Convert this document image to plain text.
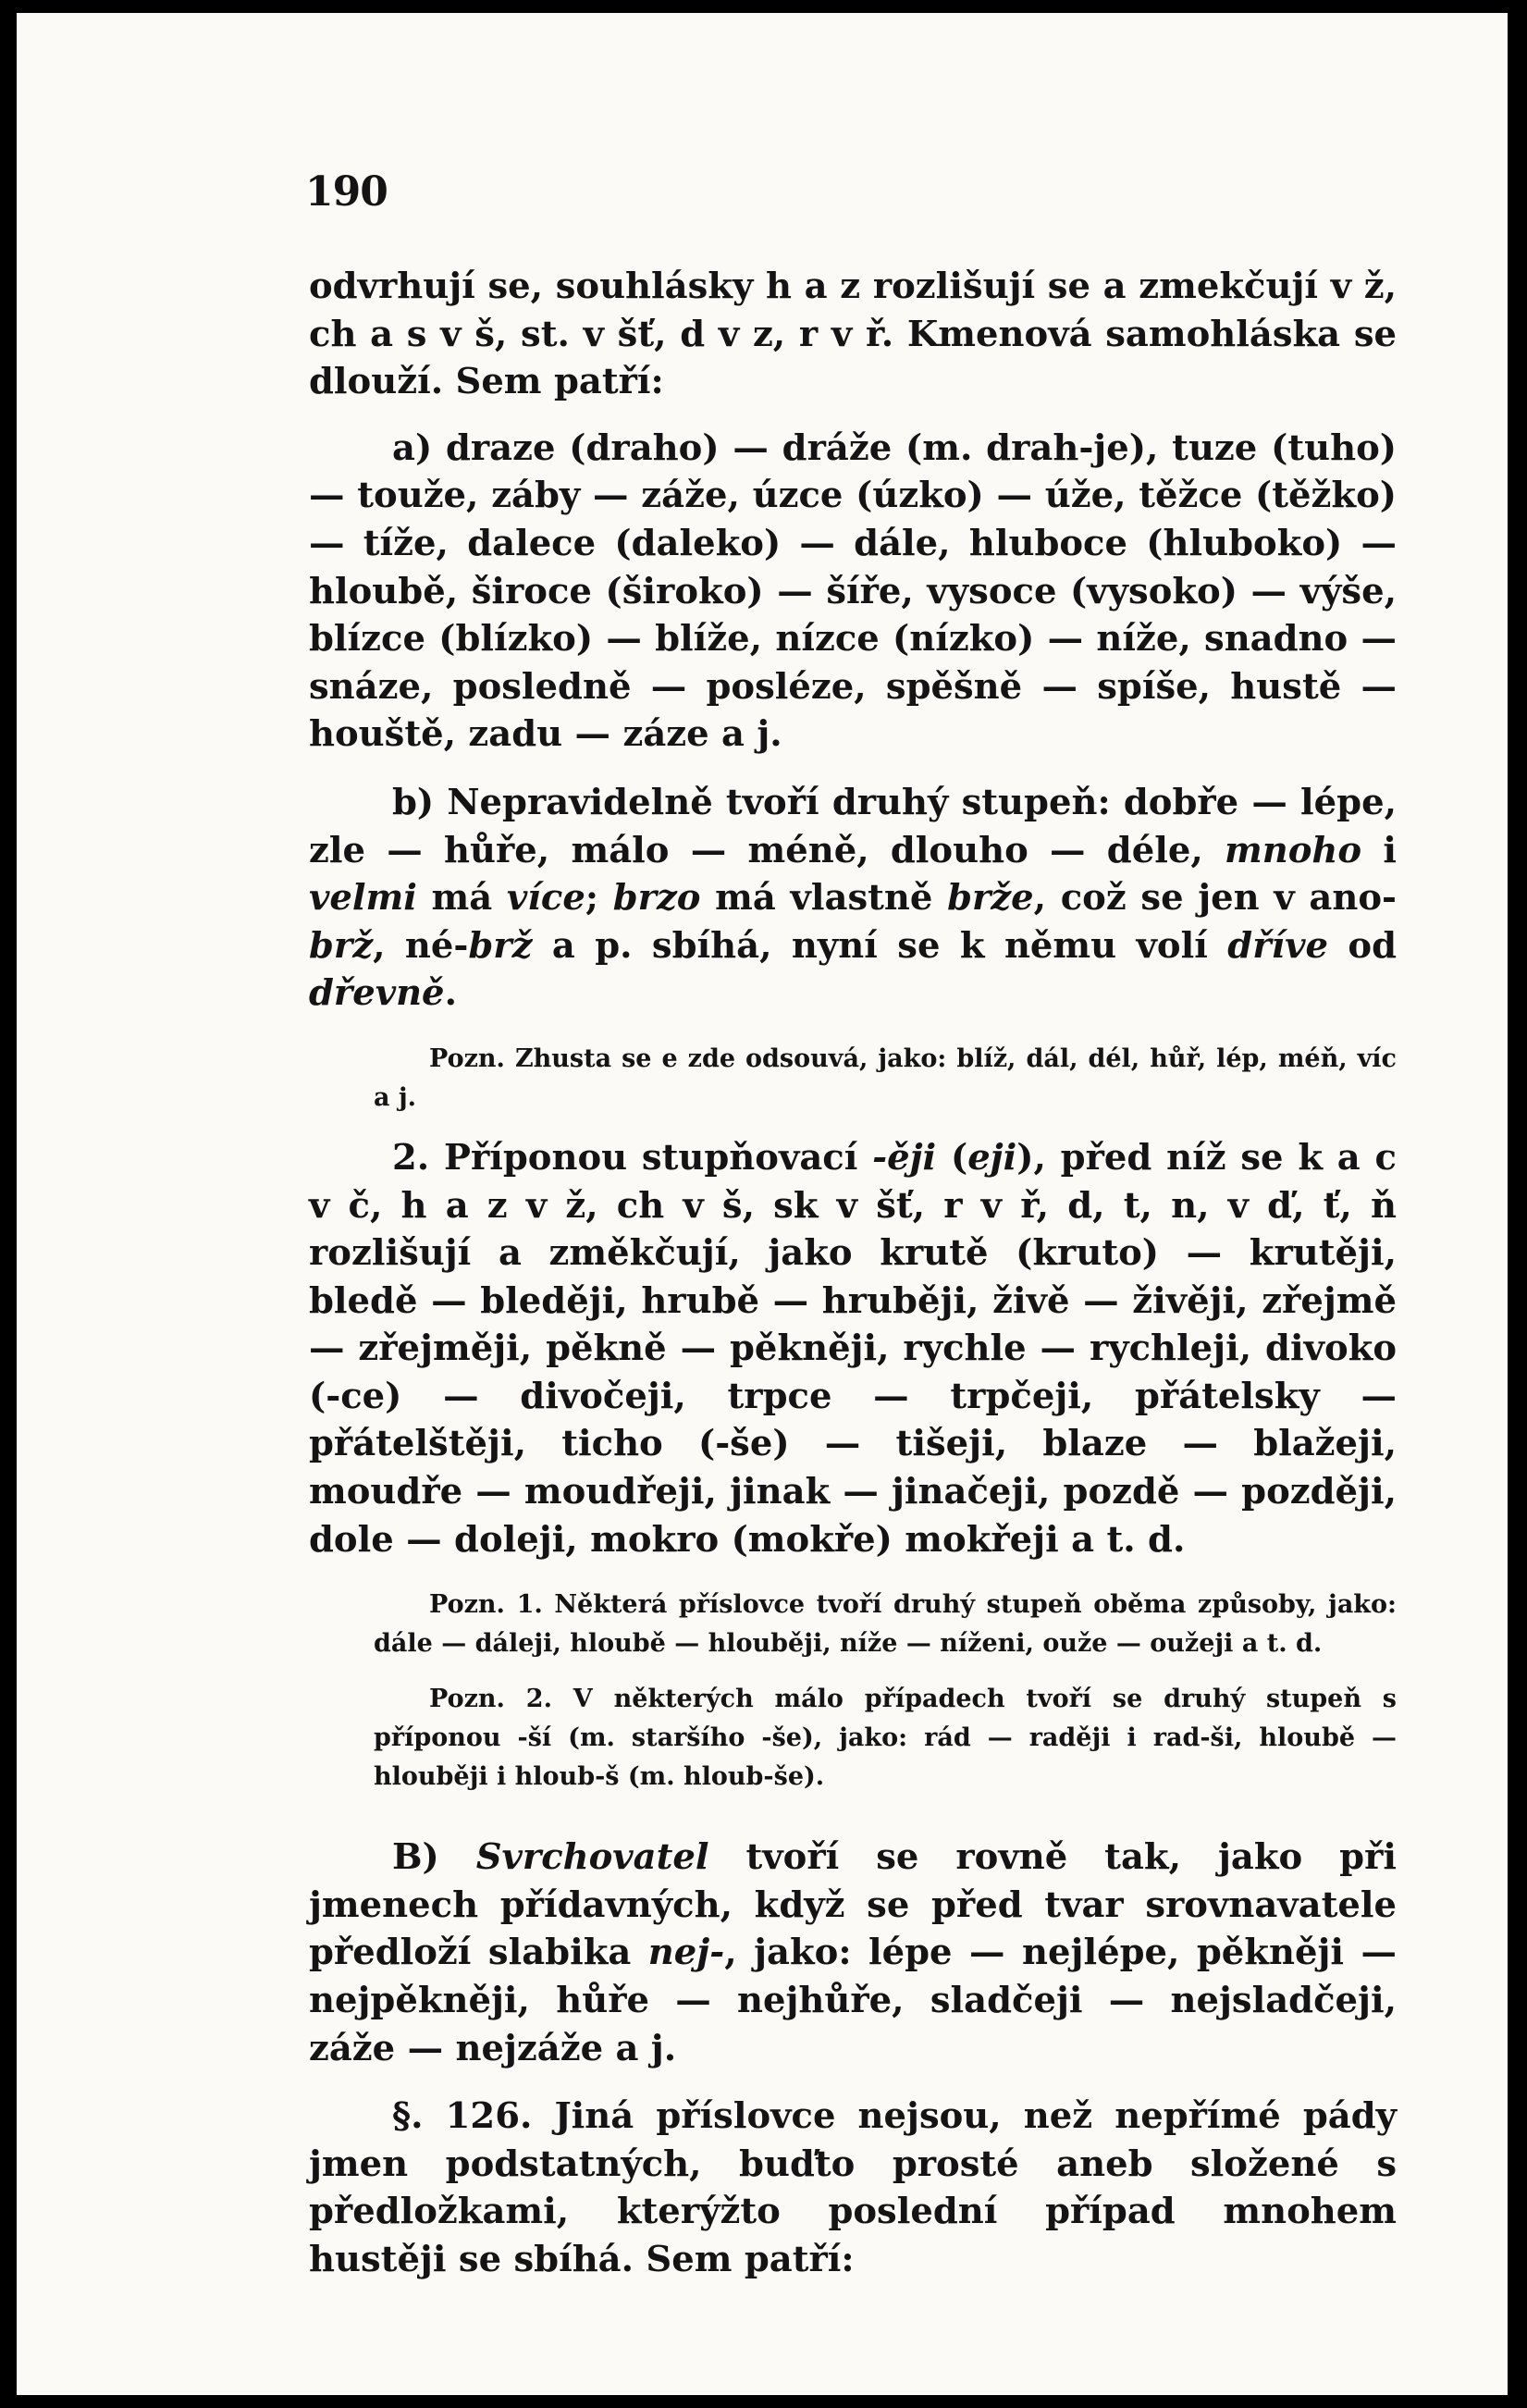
190

odvrhují se, souhlásky h a z rozlišují se a zmekčují v ž, ch a s v š, st. v šť, d v z, r v ř. Kmenová samohláska se dlouží. Sem patří:

a) draze (draho) — dráže (m. drah-je), tuze (tuho) — touže, záby — záže, úzce (úzko) — úže, těžce (těžko) — tíže, dalece (daleko) — dále, hluboce (hluboko) — hloubě, široce (široko) — šíře, vysoce (vysoko) — výše, blízce (blízko) — blíže, nízce (nízko) — níže, snadno — snáze, posledně — posléze, spěšně — spíše, hustě — houště, zadu — záze a j.

b) Nepravidelně tvoří druhý stupeň: dobře — lépe, zle — hůře, málo — méně, dlouho — déle, mnoho i velmi má více; brzo má vlastně brže, což se jen v ano-brž, né-brž a p. sbíhá, nyní se k němu volí dříve od dřevně.

Pozn. Zhusta se e zde odsouvá, jako: blíž, dál, dél, hůř, lép, méň, víc a j.

2. Příponou stupňovací -ěji (eji), před níž se k a c v č, h a z v ž, ch v š, sk v šť, r v ř, d, t, n, v ď, ť, ň rozlišují a změkčují, jako krutě (kruto) — krutěji, bledě — bleději, hrubě — hruběji, živě — živěji, zřejmě — zřejměji, pěkně — pěkněji, rychle — rychleji, divoko (-ce) — divočeji, trpce — trpčeji, přátelsky — přátelštěji, ticho (-še) — tišeji, blaze — blažeji, moudře — moudřeji, jinak — jinačeji, pozdě — později, dole — doleji, mokro (mokře) mokřeji a t. d.

Pozn. 1. Některá příslovce tvoří druhý stupeň oběma způsoby, jako: dále — dáleji, hloubě — hlouběji, níže — níženi, ouže — oužeji a t. d.

Pozn. 2. V některých málo případech tvoří se druhý stupeň s příponou -ší (m. staršího -še), jako: rád — raději i rad-ši, hloubě — hlouběji i hloub-š (m. hloub-še).

B) Svrchovatel tvoří se rovně tak, jako při jmenech přídavných, když se před tvar srovnavatele předloží slabika nej-, jako: lépe — nejlépe, pěkněji — nejpěkněji, hůře — nejhůře, sladčeji — nejsladčeji, záže — nejzáže a j.

§. 126. Jiná příslovce nejsou, než nepřímé pády jmen podstatných, buďto prosté aneb složené s předložkami, kterýžto poslední případ mnohem hustěji se sbíhá. Sem patří:
